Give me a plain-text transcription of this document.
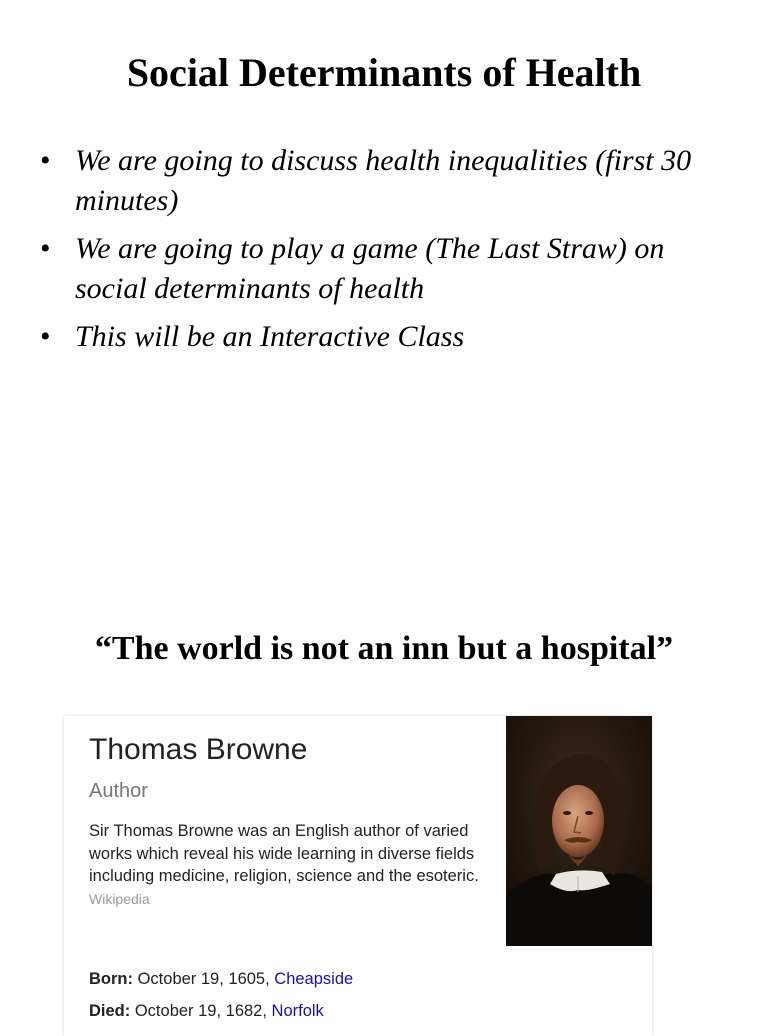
Social Determinants of Health
• We are going to discuss health inequalities (first 30 minutes)
• We are going to play a game (The Last Straw) on social determinants of health
• This will be an Interactive Class
“The world is not an inn but a hospital”
Thomas Browne
Author
Sir Thomas Browne was an English author of varied works which reveal his wide learning in diverse fields including medicine, religion, science and the esoteric. Wikipedia
Born: October 19, 1605, Cheapside
Died: October 19, 1682, Norfolk
